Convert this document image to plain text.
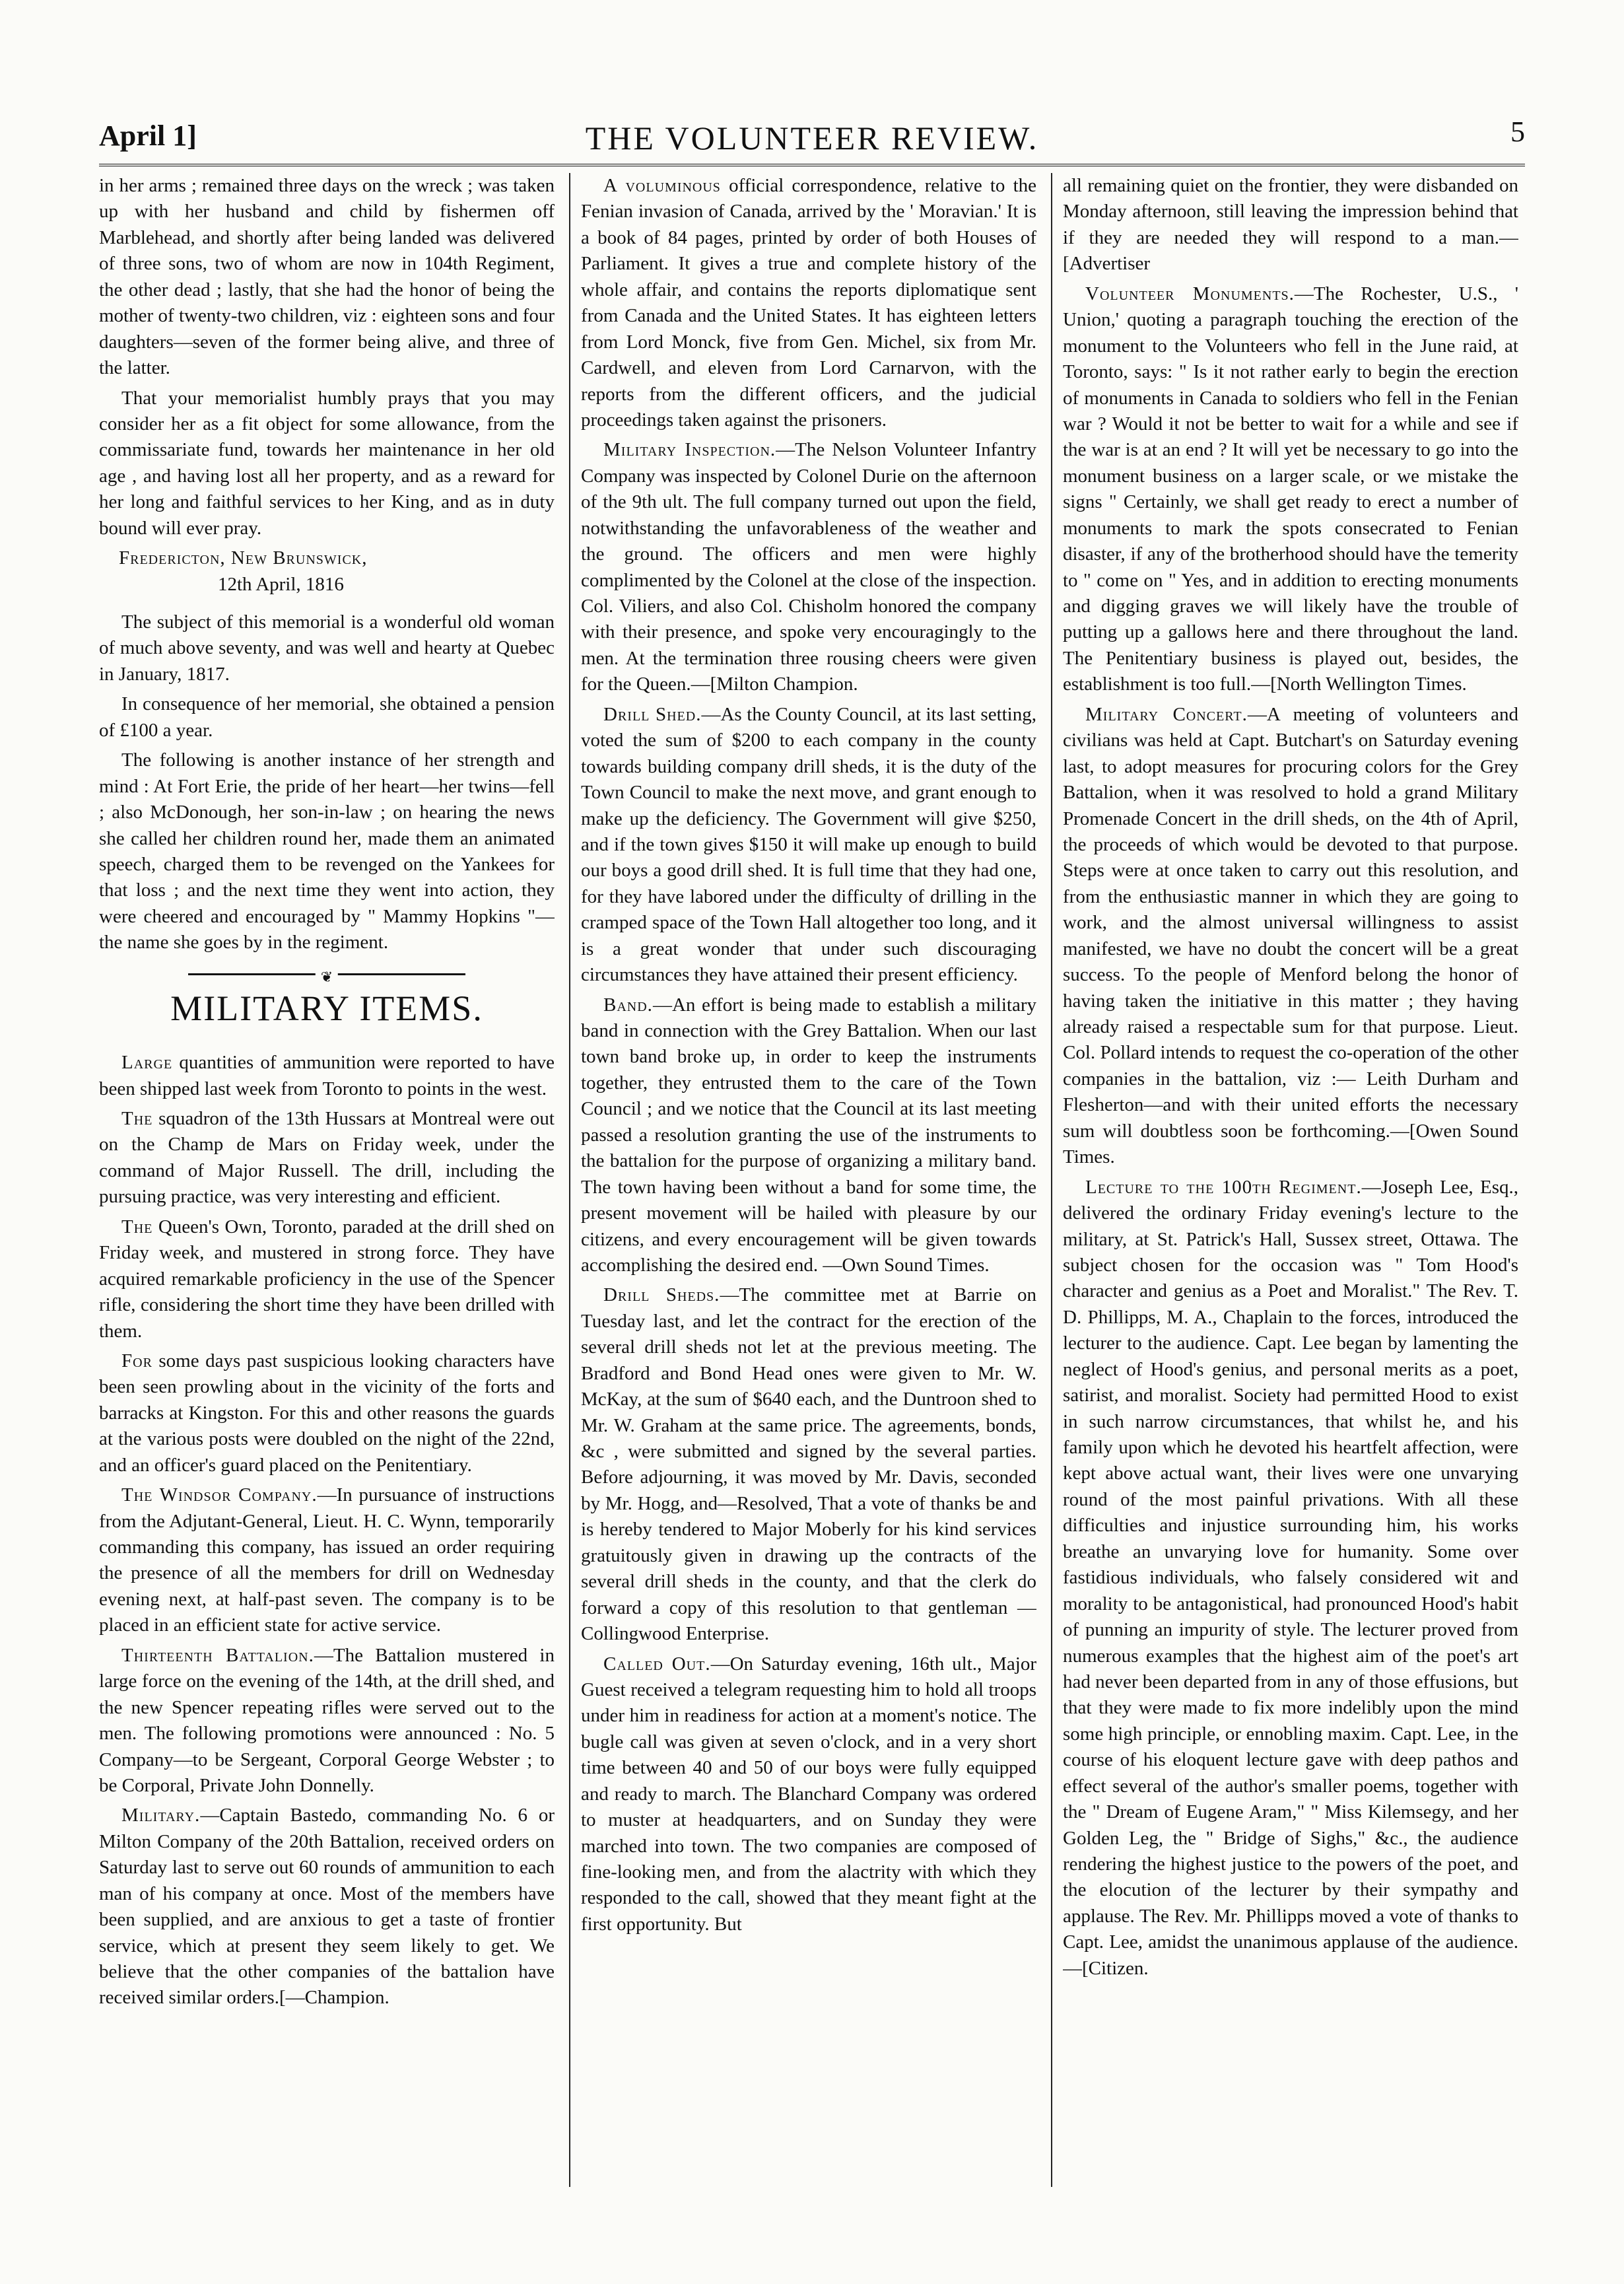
April 1]	THE VOLUNTEER REVIEW.	5

in her arms ; remained three days on the wreck ; was taken up with her husband and child by fishermen off Marblehead, and shortly after being landed was delivered of three sons, two of whom are now in 104th Regiment, the other dead ; lastly, that she had the honor of being the mother of twenty-two children, viz : eighteen sons and four daughters—seven of the former being alive, and three of the latter.

That your memorialist humbly prays that you may consider her as a fit object for some allowance, from the commissariate fund, towards her maintenance in her old age , and having lost all her property, and as a reward for her long and faithful services to her King, and as in duty bound will ever pray.

Fredericton, New Brunswick,
12th April, 1816

The subject of this memorial is a wonderful old woman of much above seventy, and was well and hearty at Quebec in January, 1817.

In consequence of her memorial, she obtained a pension of £100 a year.

The following is another instance of her strength and mind : At Fort Erie, the pride of her heart—her twins—fell ; also McDonough, her son-in-law ; on hearing the news she called her children round her, made them an animated speech, charged them to be revenged on the Yankees for that loss ; and the next time they went into action, they were cheered and encouraged by " Mammy Hopkins "—the name she goes by in the regiment.

❦
MILITARY ITEMS.

Large quantities of ammunition were reported to have been shipped last week from Toronto to points in the west.

The squadron of the 13th Hussars at Montreal were out on the Champ de Mars on Friday week, under the command of Major Russell. The drill, including the pursuing practice, was very interesting and efficient.

The Queen's Own, Toronto, paraded at the drill shed on Friday week, and mustered in strong force. They have acquired remarkable proficiency in the use of the Spencer rifle, considering the short time they have been drilled with them.

For some days past suspicious looking characters have been seen prowling about in the vicinity of the forts and barracks at Kingston. For this and other reasons the guards at the various posts were doubled on the night of the 22nd, and an officer's guard placed on the Penitentiary.

The Windsor Company.—In pursuance of instructions from the Adjutant-General, Lieut. H. C. Wynn, temporarily commanding this company, has issued an order requiring the presence of all the members for drill on Wednesday evening next, at half-past seven. The company is to be placed in an efficient state for active service.

Thirteenth Battalion.—The Battalion mustered in large force on the evening of the 14th, at the drill shed, and the new Spencer repeating rifles were served out to the men. The following promotions were announced : No. 5 Company—to be Sergeant, Corporal George Webster ; to be Corporal, Private John Donnelly.

Military.—Captain Bastedo, commanding No. 6 or Milton Company of the 20th Battalion, received orders on Saturday last to serve out 60 rounds of ammunition to each man of his company at once. Most of the members have been supplied, and are anxious to get a taste of frontier service, which at present they seem likely to get. We believe that the other companies of the battalion have received similar orders.[—Champion.

A voluminous official correspondence, relative to the Fenian invasion of Canada, arrived by the ' Moravian.' It is a book of 84 pages, printed by order of both Houses of Parliament. It gives a true and complete history of the whole affair, and contains the reports diplomatique sent from Canada and the United States. It has eighteen letters from Lord Monck, five from Gen. Michel, six from Mr. Cardwell, and eleven from Lord Carnarvon, with the reports from the different officers, and the judicial proceedings taken against the prisoners.

Military Inspection.—The Nelson Volunteer Infantry Company was inspected by Colonel Durie on the afternoon of the 9th ult. The full company turned out upon the field, notwithstanding the unfavorableness of the weather and the ground. The officers and men were highly complimented by the Colonel at the close of the inspection. Col. Viliers, and also Col. Chisholm honored the company with their presence, and spoke very encouragingly to the men. At the termination three rousing cheers were given for the Queen.—[Milton Champion.

Drill Shed.—As the County Council, at its last setting, voted the sum of $200 to each company in the county towards building company drill sheds, it is the duty of the Town Council to make the next move, and grant enough to make up the deficiency. The Government will give $250, and if the town gives $150 it will make up enough to build our boys a good drill shed. It is full time that they had one, for they have labored under the difficulty of drilling in the cramped space of the Town Hall altogether too long, and it is a great wonder that under such discouraging circumstances they have attained their present efficiency.

Band.—An effort is being made to establish a military band in connection with the Grey Battalion. When our last town band broke up, in order to keep the instruments together, they entrusted them to the care of the Town Council ; and we notice that the Council at its last meeting passed a resolution granting the use of the instruments to the battalion for the purpose of organizing a military band. The town having been without a band for some time, the present movement will be hailed with pleasure by our citizens, and every encouragement will be given towards accomplishing the desired end. —Own Sound Times.

Drill Sheds.—The committee met at Barrie on Tuesday last, and let the contract for the erection of the several drill sheds not let at the previous meeting. The Bradford and Bond Head ones were given to Mr. W. McKay, at the sum of $640 each, and the Duntroon shed to Mr. W. Graham at the same price. The agreements, bonds, &c , were submitted and signed by the several parties. Before adjourning, it was moved by Mr. Davis, seconded by Mr. Hogg, and—Resolved, That a vote of thanks be and is hereby tendered to Major Moberly for his kind services gratuitously given in drawing up the contracts of the several drill sheds in the county, and that the clerk do forward a copy of this resolution to that gentleman — Collingwood Enterprise.

Called Out.—On Saturday evening, 16th ult., Major Guest received a telegram requesting him to hold all troops under him in readiness for action at a moment's notice. The bugle call was given at seven o'clock, and in a very short time between 40 and 50 of our boys were fully equipped and ready to march. The Blanchard Company was ordered to muster at headquarters, and on Sunday they were marched into town. The two companies are composed of fine-looking men, and from the alactrity with which they responded to the call, showed that they meant fight at the first opportunity. But

all remaining quiet on the frontier, they were disbanded on Monday afternoon, still leaving the impression behind that if they are needed they will respond to a man.—[Advertiser

Volunteer Monuments.—The Rochester, U.S., ' Union,' quoting a paragraph touching the erection of the monument to the Volunteers who fell in the June raid, at Toronto, says: " Is it not rather early to begin the erection of monuments in Canada to soldiers who fell in the Fenian war ? Would it not be better to wait for a while and see if the war is at an end ? It will yet be necessary to go into the monument business on a larger scale, or we mistake the signs " Certainly, we shall get ready to erect a number of monuments to mark the spots consecrated to Fenian disaster, if any of the brotherhood should have the temerity to " come on " Yes, and in addition to erecting monuments and digging graves we will likely have the trouble of putting up a gallows here and there throughout the land. The Penitentiary business is played out, besides, the establishment is too full.—[North Wellington Times.

Military Concert.—A meeting of volunteers and civilians was held at Capt. Butchart's on Saturday evening last, to adopt measures for procuring colors for the Grey Battalion, when it was resolved to hold a grand Military Promenade Concert in the drill sheds, on the 4th of April, the proceeds of which would be devoted to that purpose. Steps were at once taken to carry out this resolution, and from the enthusiastic manner in which they are going to work, and the almost universal willingness to assist manifested, we have no doubt the concert will be a great success. To the people of Menford belong the honor of having taken the initiative in this matter ; they having already raised a respectable sum for that purpose. Lieut. Col. Pollard intends to request the co-operation of the other companies in the battalion, viz :— Leith Durham and Flesherton—and with their united efforts the necessary sum will doubtless soon be forthcoming.—[Owen Sound Times.

Lecture to the 100th Regiment.—Joseph Lee, Esq., delivered the ordinary Friday evening's lecture to the military, at St. Patrick's Hall, Sussex street, Ottawa. The subject chosen for the occasion was " Tom Hood's character and genius as a Poet and Moralist." The Rev. T. D. Phillipps, M. A., Chaplain to the forces, introduced the lecturer to the audience. Capt. Lee began by lamenting the neglect of Hood's genius, and personal merits as a poet, satirist, and moralist. Society had permitted Hood to exist in such narrow circumstances, that whilst he, and his family upon which he devoted his heartfelt affection, were kept above actual want, their lives were one unvarying round of the most painful privations. With all these difficulties and injustice surrounding him, his works breathe an unvarying love for humanity. Some over fastidious individuals, who falsely considered wit and morality to be antagonistical, had pronounced Hood's habit of punning an impurity of style. The lecturer proved from numerous examples that the highest aim of the poet's art had never been departed from in any of those effusions, but that they were made to fix more indelibly upon the mind some high principle, or ennobling maxim. Capt. Lee, in the course of his eloquent lecture gave with deep pathos and effect several of the author's smaller poems, together with the " Dream of Eugene Aram," " Miss Kilemsegy, and her Golden Leg, the " Bridge of Sighs," &c., the audience rendering the highest justice to the powers of the poet, and the elocution of the lecturer by their sympathy and applause. The Rev. Mr. Phillipps moved a vote of thanks to Capt. Lee, amidst the unanimous applause of the audience.—[Citizen.
